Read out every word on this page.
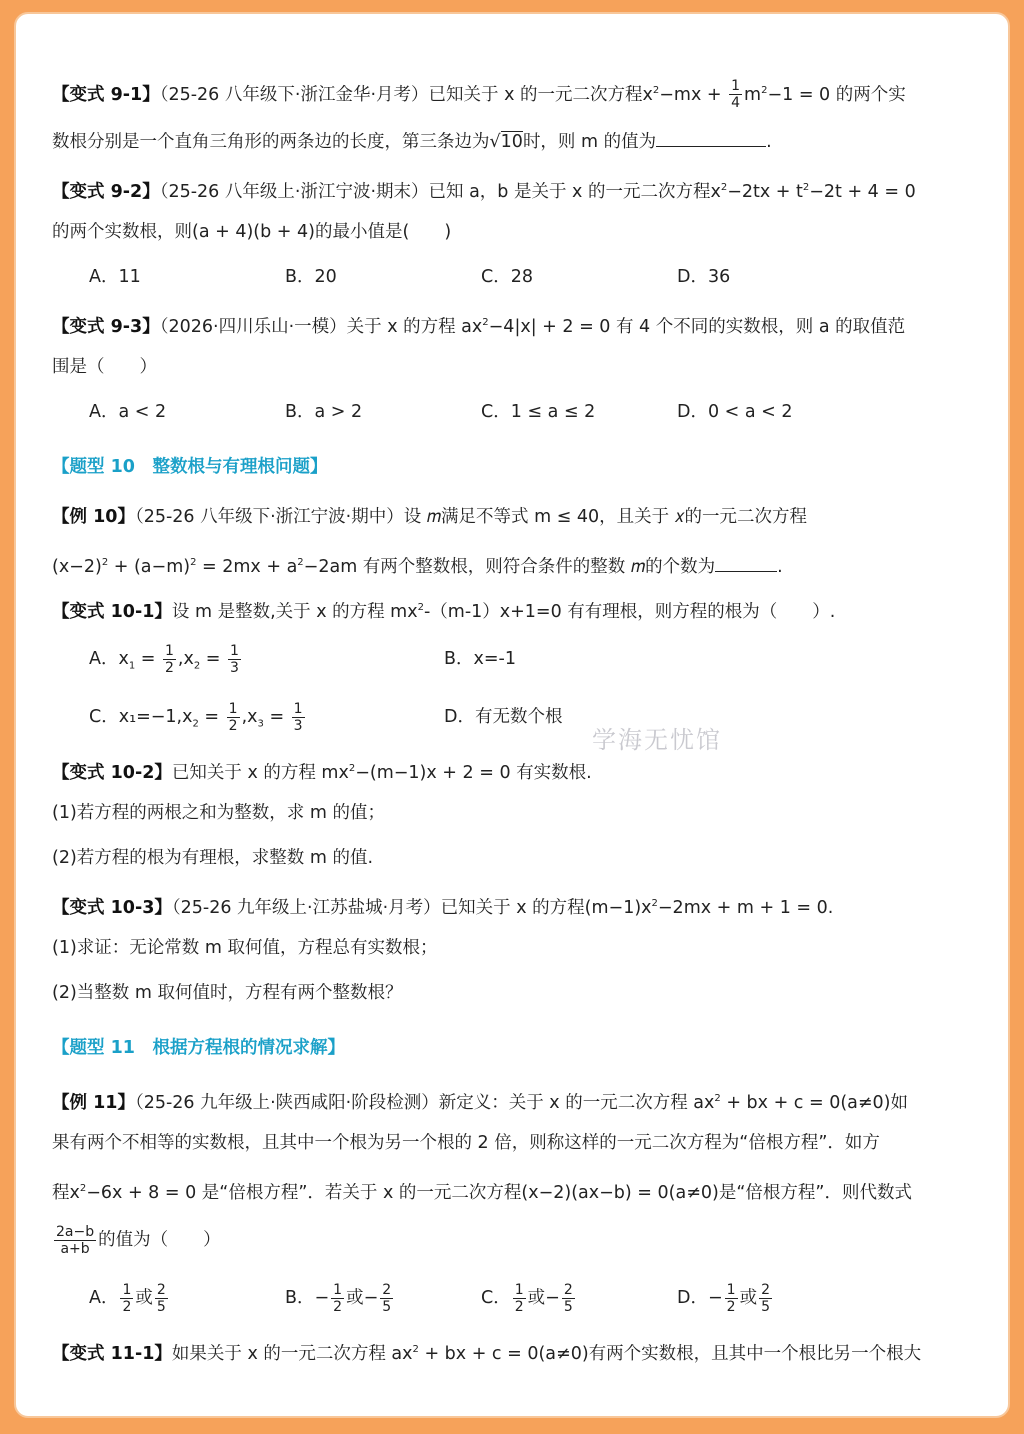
【变式 9-1】（25-26 八年级下·浙江金华·月考）已知关于 x 的一元二次方程$x^2-mx + \frac{1}{4} m^2-1 = 0$ 的两个实
数根分别是一个直角三角形的两条边的长度，第三条边为√10时，则 m 的值为	.
【变式 9-2】（25-26 八年级上·浙江宁波·期末）已知 a，b 是关于 x 的一元二次方程$x^2-2tx + t^2-2t + 4 = 0$
的两个实数根，则(a + 4)(b + 4)的最小值是(　　)
A．11	B．20	C．28	D．36
【变式 9-3】（2026·四川乐山·一模）关于 x 的方程 $ax^2-4|x| + 2 = 0$ 有 4 个不同的实数根，则 a 的取值范
围是（　　）
A．a < 2	B．a > 2	C．1 ≤ a ≤ 2	D．0 < a < 2
【题型 10　整数根与有理根问题】
【例 10】（25-26 八年级下·浙江宁波·期中）设 𝑚满足不等式 m ≤ 40，且关于 𝑥的一元二次方程
$(x-2)^2 + (a-m)^2 = 2mx + a^2-2am$ 有两个整数根，则符合条件的整数 𝑚的个数为	.
【变式 10-1】设 m 是整数,关于 x 的方程 $mx^2-(m-1)x+1=0$ 有有理根，则方程的根为（　　）.
A．$x_1 = \frac{1}{2} ,x_2 = \frac{1}{3}$	B．x=-1
C．$x_1=-1,x_2 = \frac{1}{2} ,x_3 = \frac{1}{3}$	D．有无数个根
【变式 10-2】已知关于 x 的方程 $mx^2-(m-1)x + 2 = 0$ 有实数根.
(1)若方程的两根之和为整数，求 m 的值；
(2)若方程的根为有理根，求整数 m 的值.
【变式 10-3】（25-26 九年级上·江苏盐城·月考）已知关于 x 的方程$(m-1)x^2-2mx + m + 1 = 0$.
(1)求证：无论常数 m 取何值，方程总有实数根；
(2)当整数 m 取何值时，方程有两个整数根？
【题型 11　根据方程根的情况求解】
【例 11】（25-26 九年级上·陕西咸阳·阶段检测）新定义：关于 x 的一元二次方程 $ax^2$ + bx + c = 0(a≠0)如
果有两个不相等的实数根，且其中一个根为另一个根的 2 倍，则称这样的一元二次方程为“倍根方程”．如方
程$x^2-6x + 8 = 0$ 是“倍根方程”．若关于 x 的一元二次方程(x−2)(ax−b) = 0(a≠0)是“倍根方程”．则代数式
$\frac{2a-b}{a+b}$ 的值为（　　）
A． $\frac{1}{2}$ 或 $\frac{2}{5}$	B．− $\frac{1}{2}$ 或− $\frac{2}{5}$	C． $\frac{1}{2}$ 或− $\frac{2}{5}$	D．− $\frac{1}{2}$ 或 $\frac{2}{5}$
【变式 11-1】如果关于 x 的一元二次方程 $ax^2$ + bx + c = 0(a≠0)有两个实数根，且其中一个根比另一个根大
学海无忧馆
